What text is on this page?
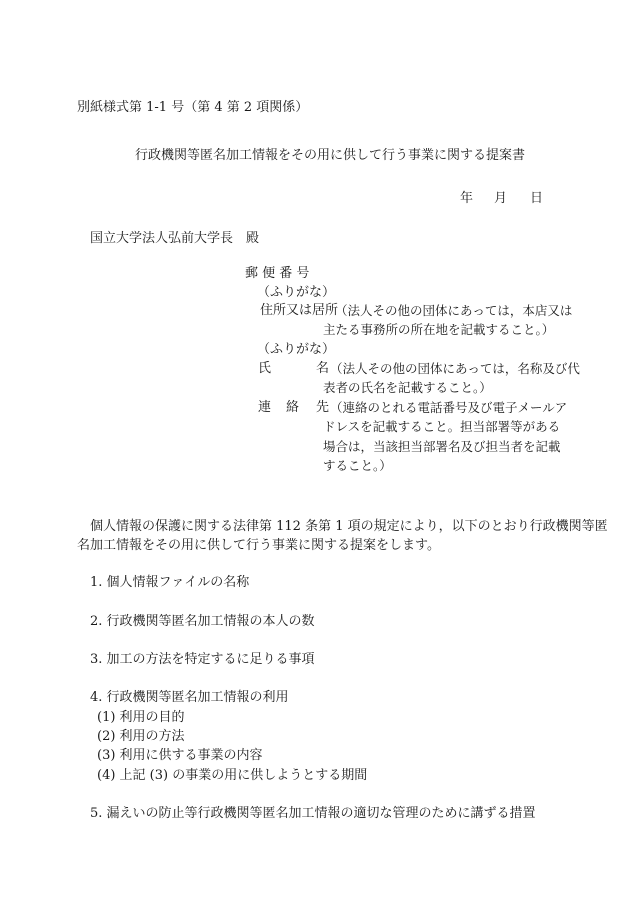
別紙様式第 1-1 号（第 4 第 2 項関係）
行政機関等匿名加工情報をその用に供して行う事業に関する提案書
年 月 日
国立大学法人弘前大学長　殿
郵 便 番 号
（ふりがな）
住所又は居所
（法人その他の団体にあっては，本店又は
主たる事務所の所在地を記載すること。）
（ふりがな）
氏	名 （法人その他の団体にあっては，名称及び代
表者の氏名を記載すること。）
連 絡 先 （連絡のとれる電話番号及び電子メールア
ドレスを記載すること。担当部署等がある
場合は，当該担当部署名及び担当者を記載
すること。）
個人情報の保護に関する法律第 112 条第 1 項の規定により，以下のとおり行政機関等匿
名加工情報をその用に供して行う事業に関する提案をします。
1. 個人情報ファイルの名称
2. 行政機関等匿名加工情報の本人の数
3. 加工の方法を特定するに足りる事項
4. 行政機関等匿名加工情報の利用
(1) 利用の目的
(2) 利用の方法
(3) 利用に供する事業の内容
(4) 上記 (3) の事業の用に供しようとする期間
5. 漏えいの防止等行政機関等匿名加工情報の適切な管理のために講ずる措置
